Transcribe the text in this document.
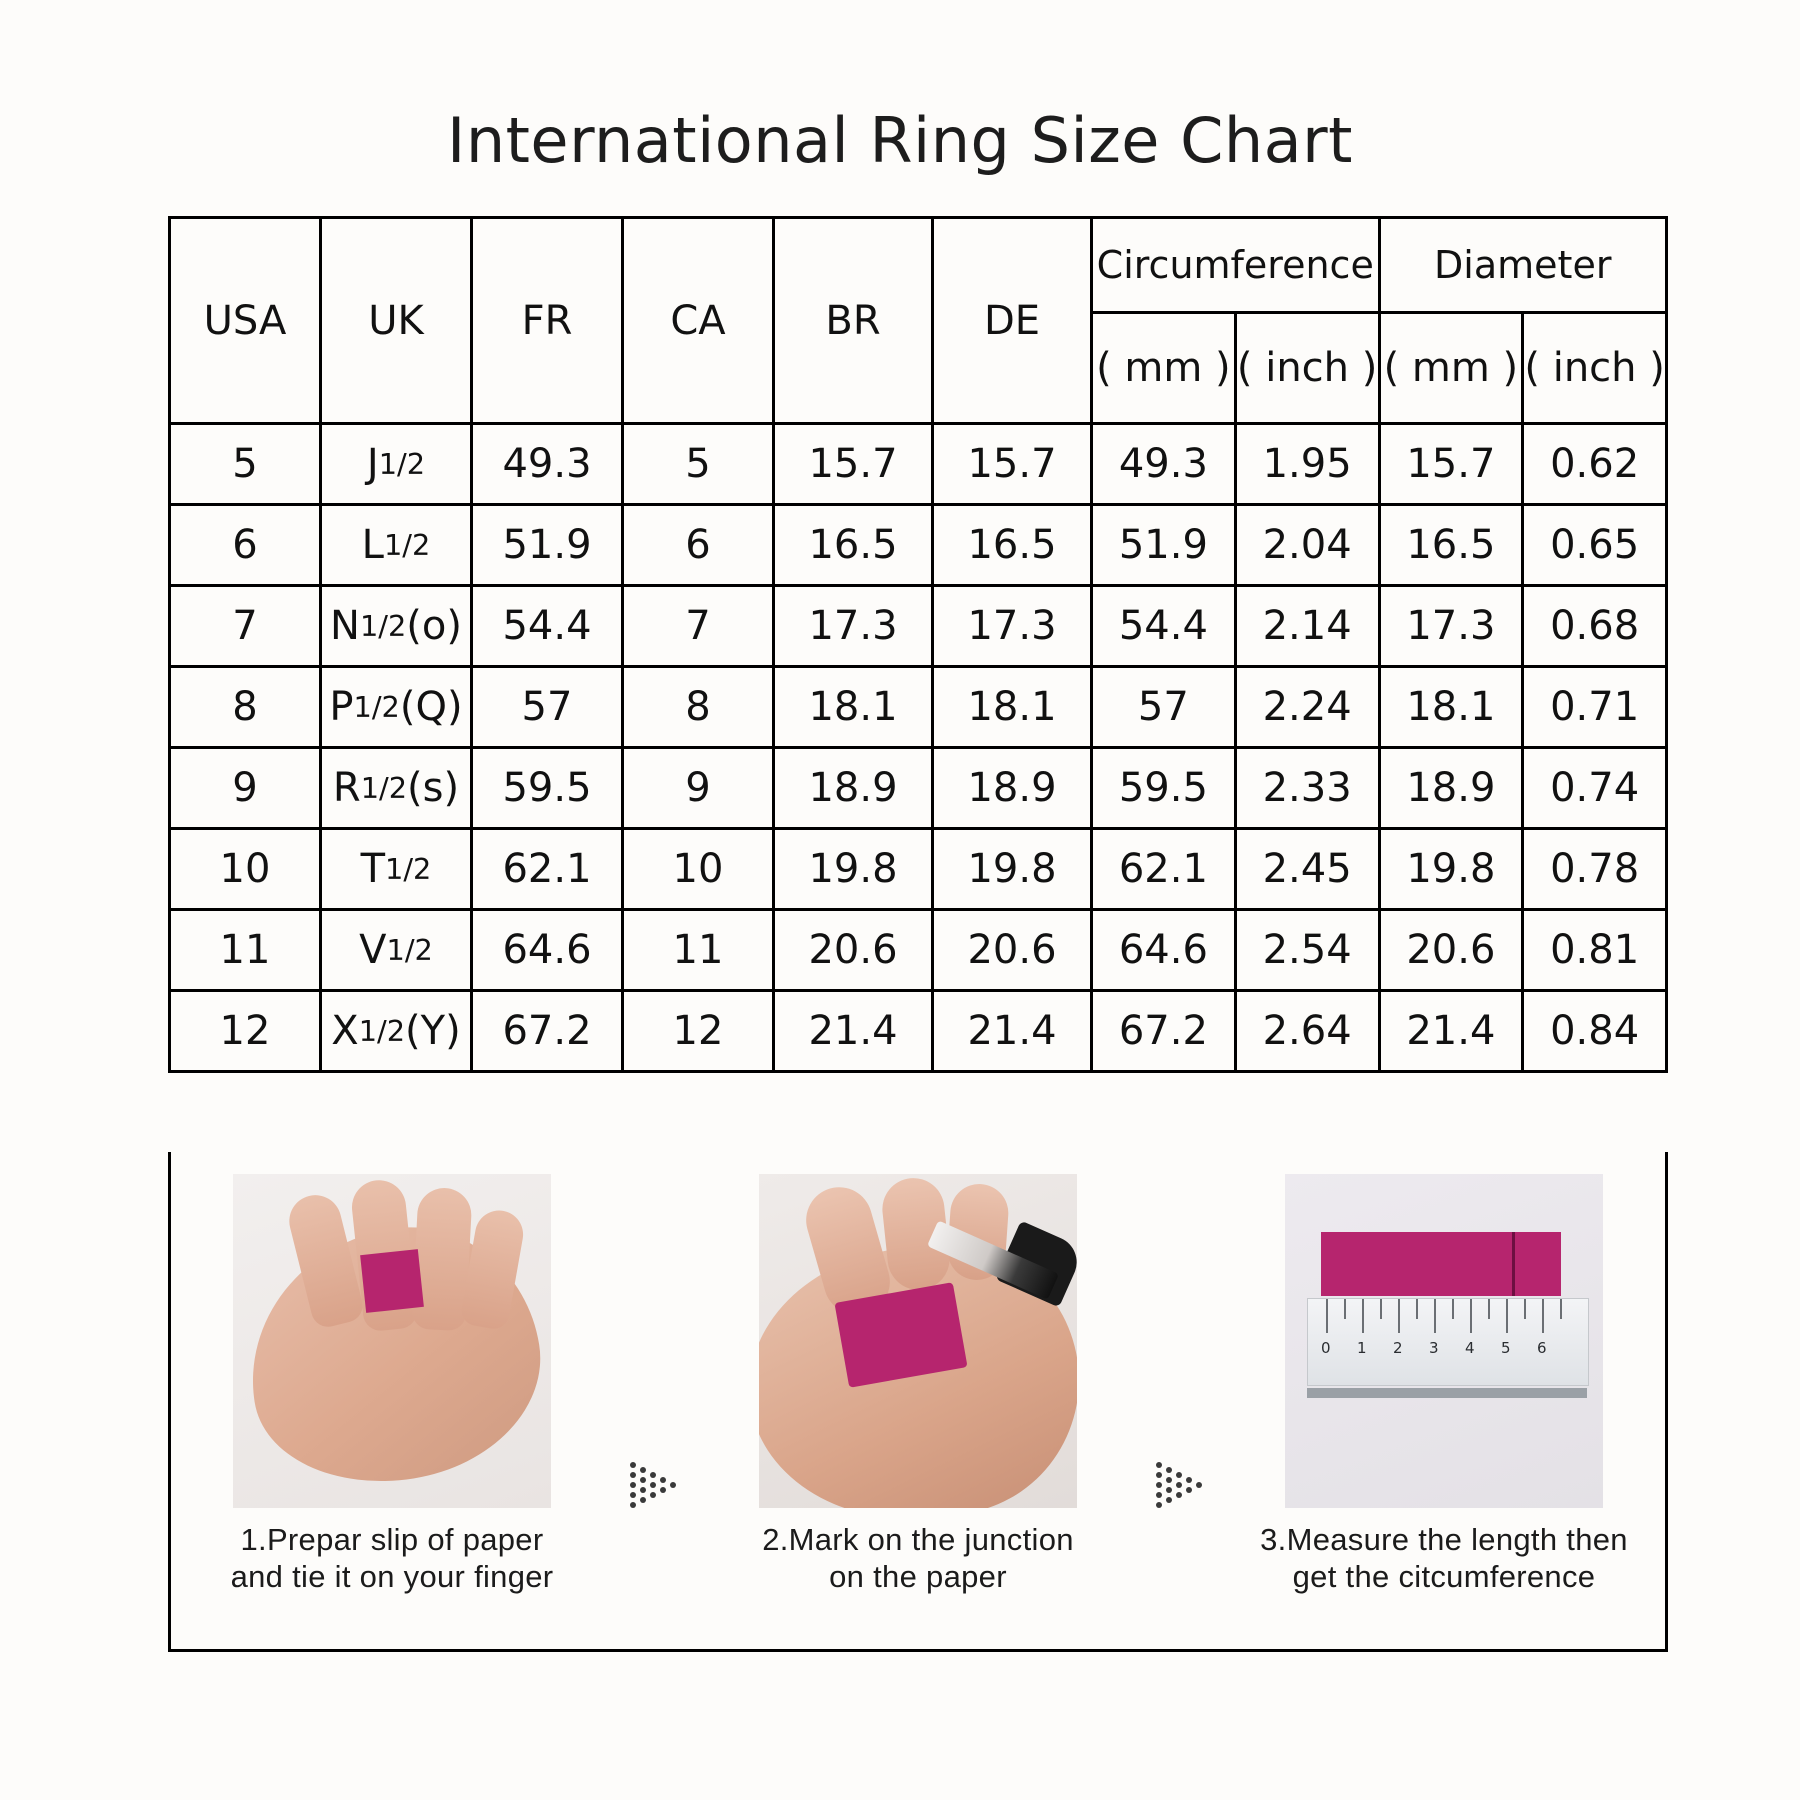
International Ring Size Chart
USA	UK	FR	CA	BR	DE	Circumference		Diameter	
						( mm )	( inch )	( mm )	( inch )
5	J1/2	49.3	5	15.7	15.7	49.3	1.95	15.7	0.62
6	L1/2	51.9	6	16.5	16.5	51.9	2.04	16.5	0.65
7	N1/2(o)	54.4	7	17.3	17.3	54.4	2.14	17.3	0.68
8	P1/2(Q)	57	8	18.1	18.1	57	2.24	18.1	0.71
9	R1/2(s)	59.5	9	18.9	18.9	59.5	2.33	18.9	0.74
10	T1/2	62.1	10	19.8	19.8	62.1	2.45	19.8	0.78
11	V1/2	64.6	11	20.6	20.6	64.6	2.54	20.6	0.81
12	X1/2(Y)	67.2	12	21.4	21.4	67.2	2.64	21.4	0.84
1.Prepar slip of paper
and tie it on your finger
2.Mark on the junction
on the paper
0 1 2 3 4 5 6
3.Measure the length then
get the citcumference
